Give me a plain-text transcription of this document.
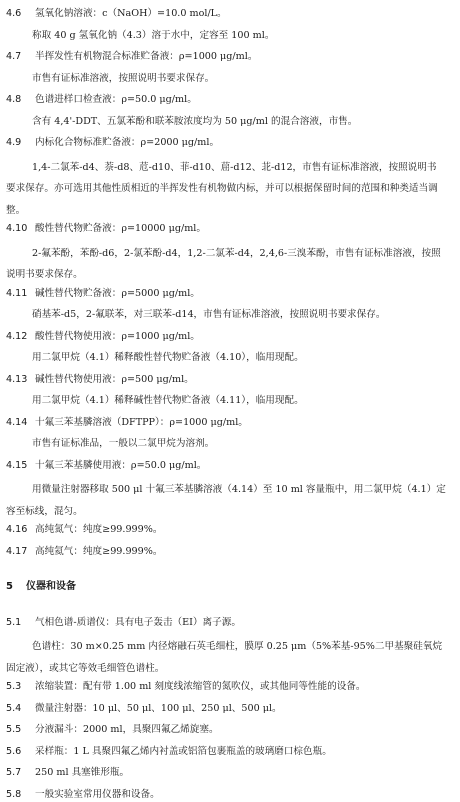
4.6 氢氧化钠溶液：c（NaOH）=10.0 mol/L。
称取 40 g 氢氧化钠（4.3）溶于水中，定容至 100 ml。
4.7 半挥发性有机物混合标准贮备液：ρ=1000 μg/ml。
市售有证标准溶液，按照说明书要求保存。
4.8 色谱进样口检查液：ρ=50.0 μg/ml。
含有 4,4'-DDT、五氯苯酚和联苯胺浓度均为 50 μg/ml 的混合溶液，市售。
4.9 内标化合物标准贮备液：ρ=2000 μg/ml。
1,4-二氯苯-d4、萘-d8、苊-d10、菲-d10、䓛-d12、苝-d12，市售有证标准溶液，按照说明书要求保存。亦可选用其他性质相近的半挥发性有机物做内标，并可以根据保留时间的范围和种类适当调整。
4.10 酸性替代物贮备液：ρ=10000 μg/ml。
2-氟苯酚，苯酚-d6，2-氯苯酚-d4，1,2-二氯苯-d4，2,4,6-三溴苯酚，市售有证标准溶液，按照说明书要求保存。
4.11 碱性替代物贮备液：ρ=5000 μg/ml。
硝基苯-d5，2-氟联苯，对三联苯-d14，市售有证标准溶液，按照说明书要求保存。
4.12 酸性替代物使用液：ρ=1000 μg/ml。
用二氯甲烷（4.1）稀释酸性替代物贮备液（4.10），临用现配。
4.13 碱性替代物使用液：ρ=500 μg/ml。
用二氯甲烷（4.1）稀释碱性替代物贮备液（4.11），临用现配。
4.14 十氟三苯基膦溶液（DFTPP）：ρ=1000 μg/ml。
市售有证标准品，一般以二氯甲烷为溶剂。
4.15 十氟三苯基膦使用液：ρ=50.0 μg/ml。
用微量注射器移取 500 μl 十氟三苯基膦溶液（4.14）至 10 ml 容量瓶中，用二氯甲烷（4.1）定容至标线，混匀。
4.16 高纯氮气：纯度≥99.999%。
4.17 高纯氦气：纯度≥99.999%。
5 仪器和设备
5.1 气相色谱-质谱仪：具有电子轰击（EI）离子源。
色谱柱：30 m×0.25 mm 内径熔融石英毛细柱，膜厚 0.25 μm（5%苯基-95%二甲基聚硅氧烷固定液），或其它等效毛细管色谱柱。
5.3 浓缩装置：配有带 1.00 ml 刻度线浓缩管的氮吹仪，或其他同等性能的设备。
5.4 微量注射器：10 μl、50 μl、100 μl、250 μl、500 μl。
5.5 分液漏斗：2000 ml，具聚四氟乙烯旋塞。
5.6 采样瓶：1 L 具聚四氟乙烯内衬盖或铝箔包裹瓶盖的玻璃磨口棕色瓶。
5.7 250 ml 具塞锥形瓶。
5.8 一般实验室常用仪器和设备。
